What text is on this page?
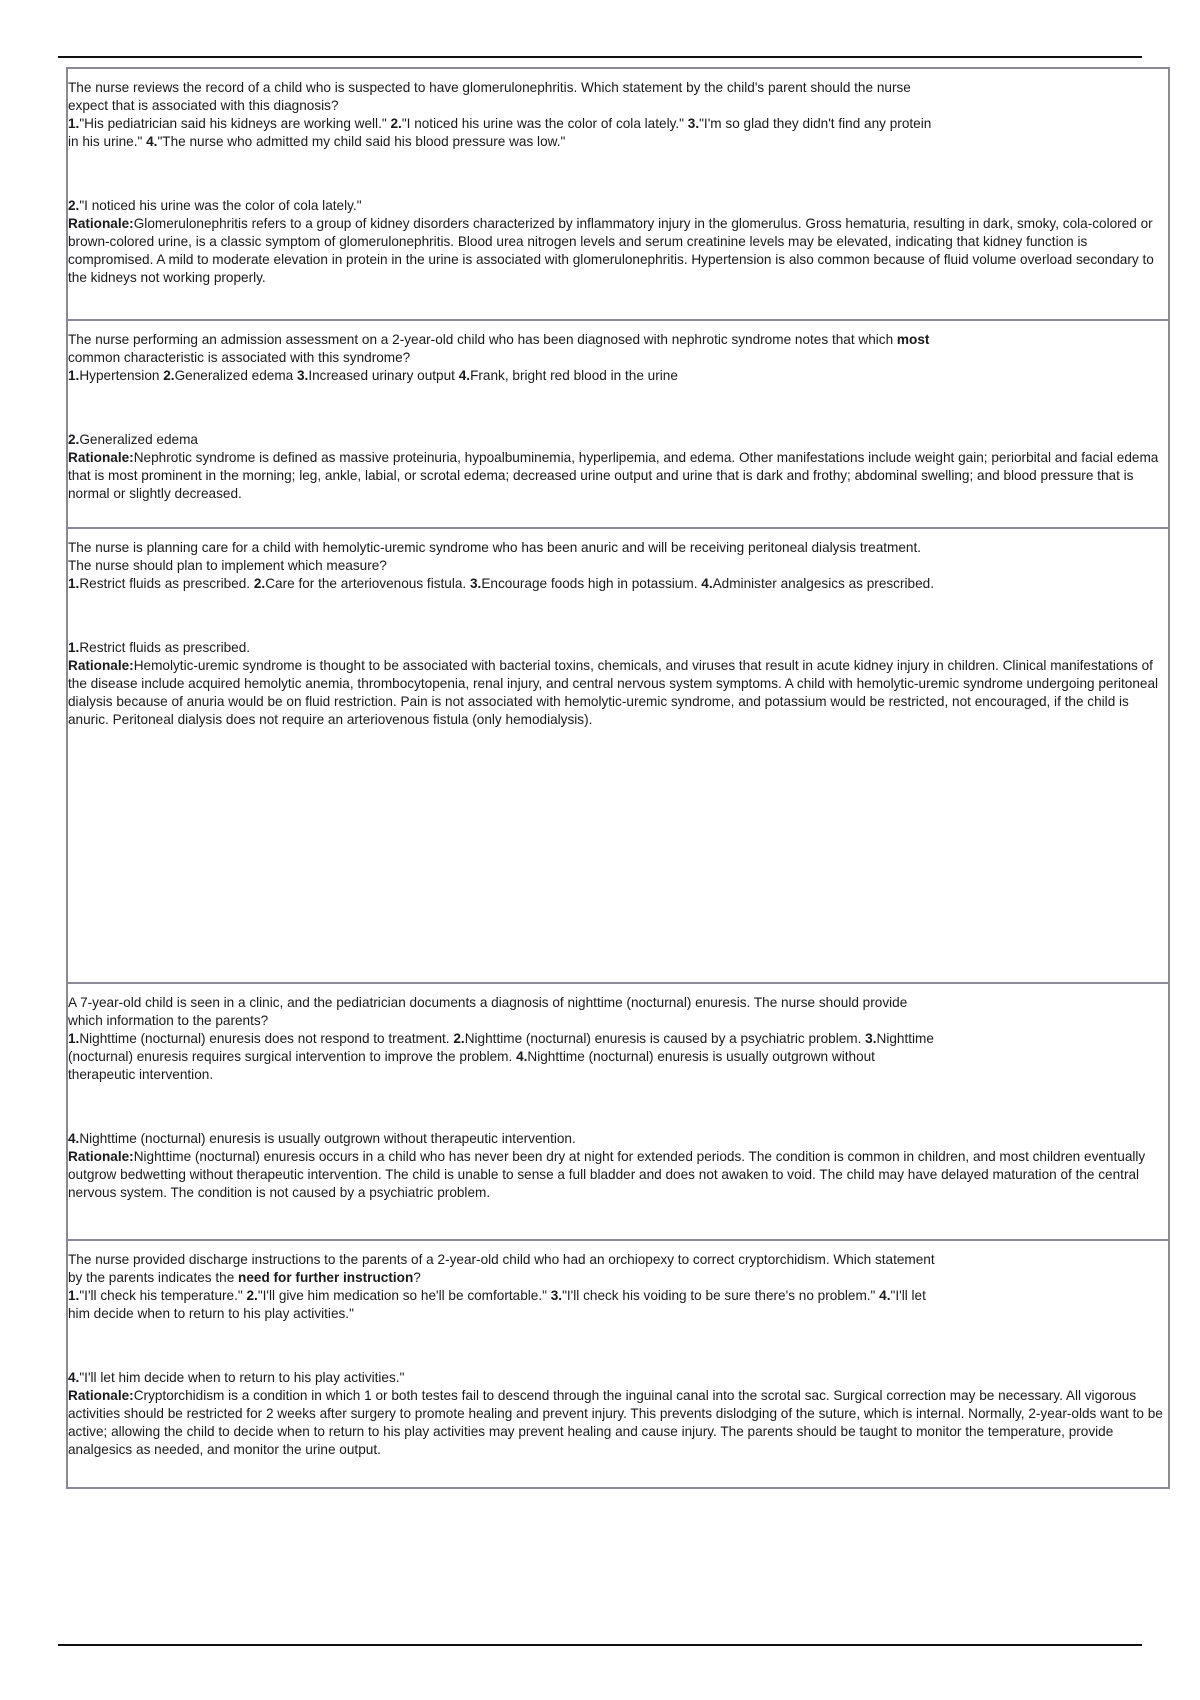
The nurse reviews the record of a child who is suspected to have glomerulonephritis. Which statement by the child's parent should the nurse expect that is associated with this diagnosis?
1."His pediatrician said his kidneys are working well." 2."I noticed his urine was the color of cola lately." 3."I'm so glad they didn't find any protein in his urine." 4."The nurse who admitted my child said his blood pressure was low."

2."I noticed his urine was the color of cola lately."
Rationale:Glomerulonephritis refers to a group of kidney disorders characterized by inflammatory injury in the glomerulus. Gross hematuria, resulting in dark, smoky, cola-colored or brown-colored urine, is a classic symptom of glomerulonephritis. Blood urea nitrogen levels and serum creatinine levels may be elevated, indicating that kidney function is compromised. A mild to moderate elevation in protein in the urine is associated with glomerulonephritis. Hypertension is also common because of fluid volume overload secondary to the kidneys not working properly.

The nurse performing an admission assessment on a 2-year-old child who has been diagnosed with nephrotic syndrome notes that which most common characteristic is associated with this syndrome?
1.Hypertension 2.Generalized edema 3.Increased urinary output 4.Frank, bright red blood in the urine

2.Generalized edema
Rationale:Nephrotic syndrome is defined as massive proteinuria, hypoalbuminemia, hyperlipemia, and edema. Other manifestations include weight gain; periorbital and facial edema that is most prominent in the morning; leg, ankle, labial, or scrotal edema; decreased urine output and urine that is dark and frothy; abdominal swelling; and blood pressure that is normal or slightly decreased.

The nurse is planning care for a child with hemolytic-uremic syndrome who has been anuric and will be receiving peritoneal dialysis treatment. The nurse should plan to implement which measure?
1.Restrict fluids as prescribed. 2.Care for the arteriovenous fistula. 3.Encourage foods high in potassium. 4.Administer analgesics as prescribed.

1.Restrict fluids as prescribed.
Rationale:Hemolytic-uremic syndrome is thought to be associated with bacterial toxins, chemicals, and viruses that result in acute kidney injury in children. Clinical manifestations of the disease include acquired hemolytic anemia, thrombocytopenia, renal injury, and central nervous system symptoms. A child with hemolytic-uremic syndrome undergoing peritoneal dialysis because of anuria would be on fluid restriction. Pain is not associated with hemolytic-uremic syndrome, and potassium would be restricted, not encouraged, if the child is anuric. Peritoneal dialysis does not require an arteriovenous fistula (only hemodialysis).

A 7-year-old child is seen in a clinic, and the pediatrician documents a diagnosis of nighttime (nocturnal) enuresis. The nurse should provide which information to the parents?
1.Nighttime (nocturnal) enuresis does not respond to treatment. 2.Nighttime (nocturnal) enuresis is caused by a psychiatric problem. 3.Nighttime (nocturnal) enuresis requires surgical intervention to improve the problem. 4.Nighttime (nocturnal) enuresis is usually outgrown without therapeutic intervention.

4.Nighttime (nocturnal) enuresis is usually outgrown without therapeutic intervention.
Rationale:Nighttime (nocturnal) enuresis occurs in a child who has never been dry at night for extended periods. The condition is common in children, and most children eventually outgrow bedwetting without therapeutic intervention. The child is unable to sense a full bladder and does not awaken to void. The child may have delayed maturation of the central nervous system. The condition is not caused by a psychiatric problem.

The nurse provided discharge instructions to the parents of a 2-year-old child who had an orchiopexy to correct cryptorchidism. Which statement by the parents indicates the need for further instruction?
1."I'll check his temperature." 2."I'll give him medication so he'll be comfortable." 3."I'll check his voiding to be sure there's no problem." 4."I'll let him decide when to return to his play activities."

4."I'll let him decide when to return to his play activities."
Rationale:Cryptorchidism is a condition in which 1 or both testes fail to descend through the inguinal canal into the scrotal sac. Surgical correction may be necessary. All vigorous activities should be restricted for 2 weeks after surgery to promote healing and prevent injury. This prevents dislodging of the suture, which is internal. Normally, 2-year-olds want to be active; allowing the child to decide when to return to his play activities may prevent healing and cause injury. The parents should be taught to monitor the temperature, provide analgesics as needed, and monitor the urine output.
